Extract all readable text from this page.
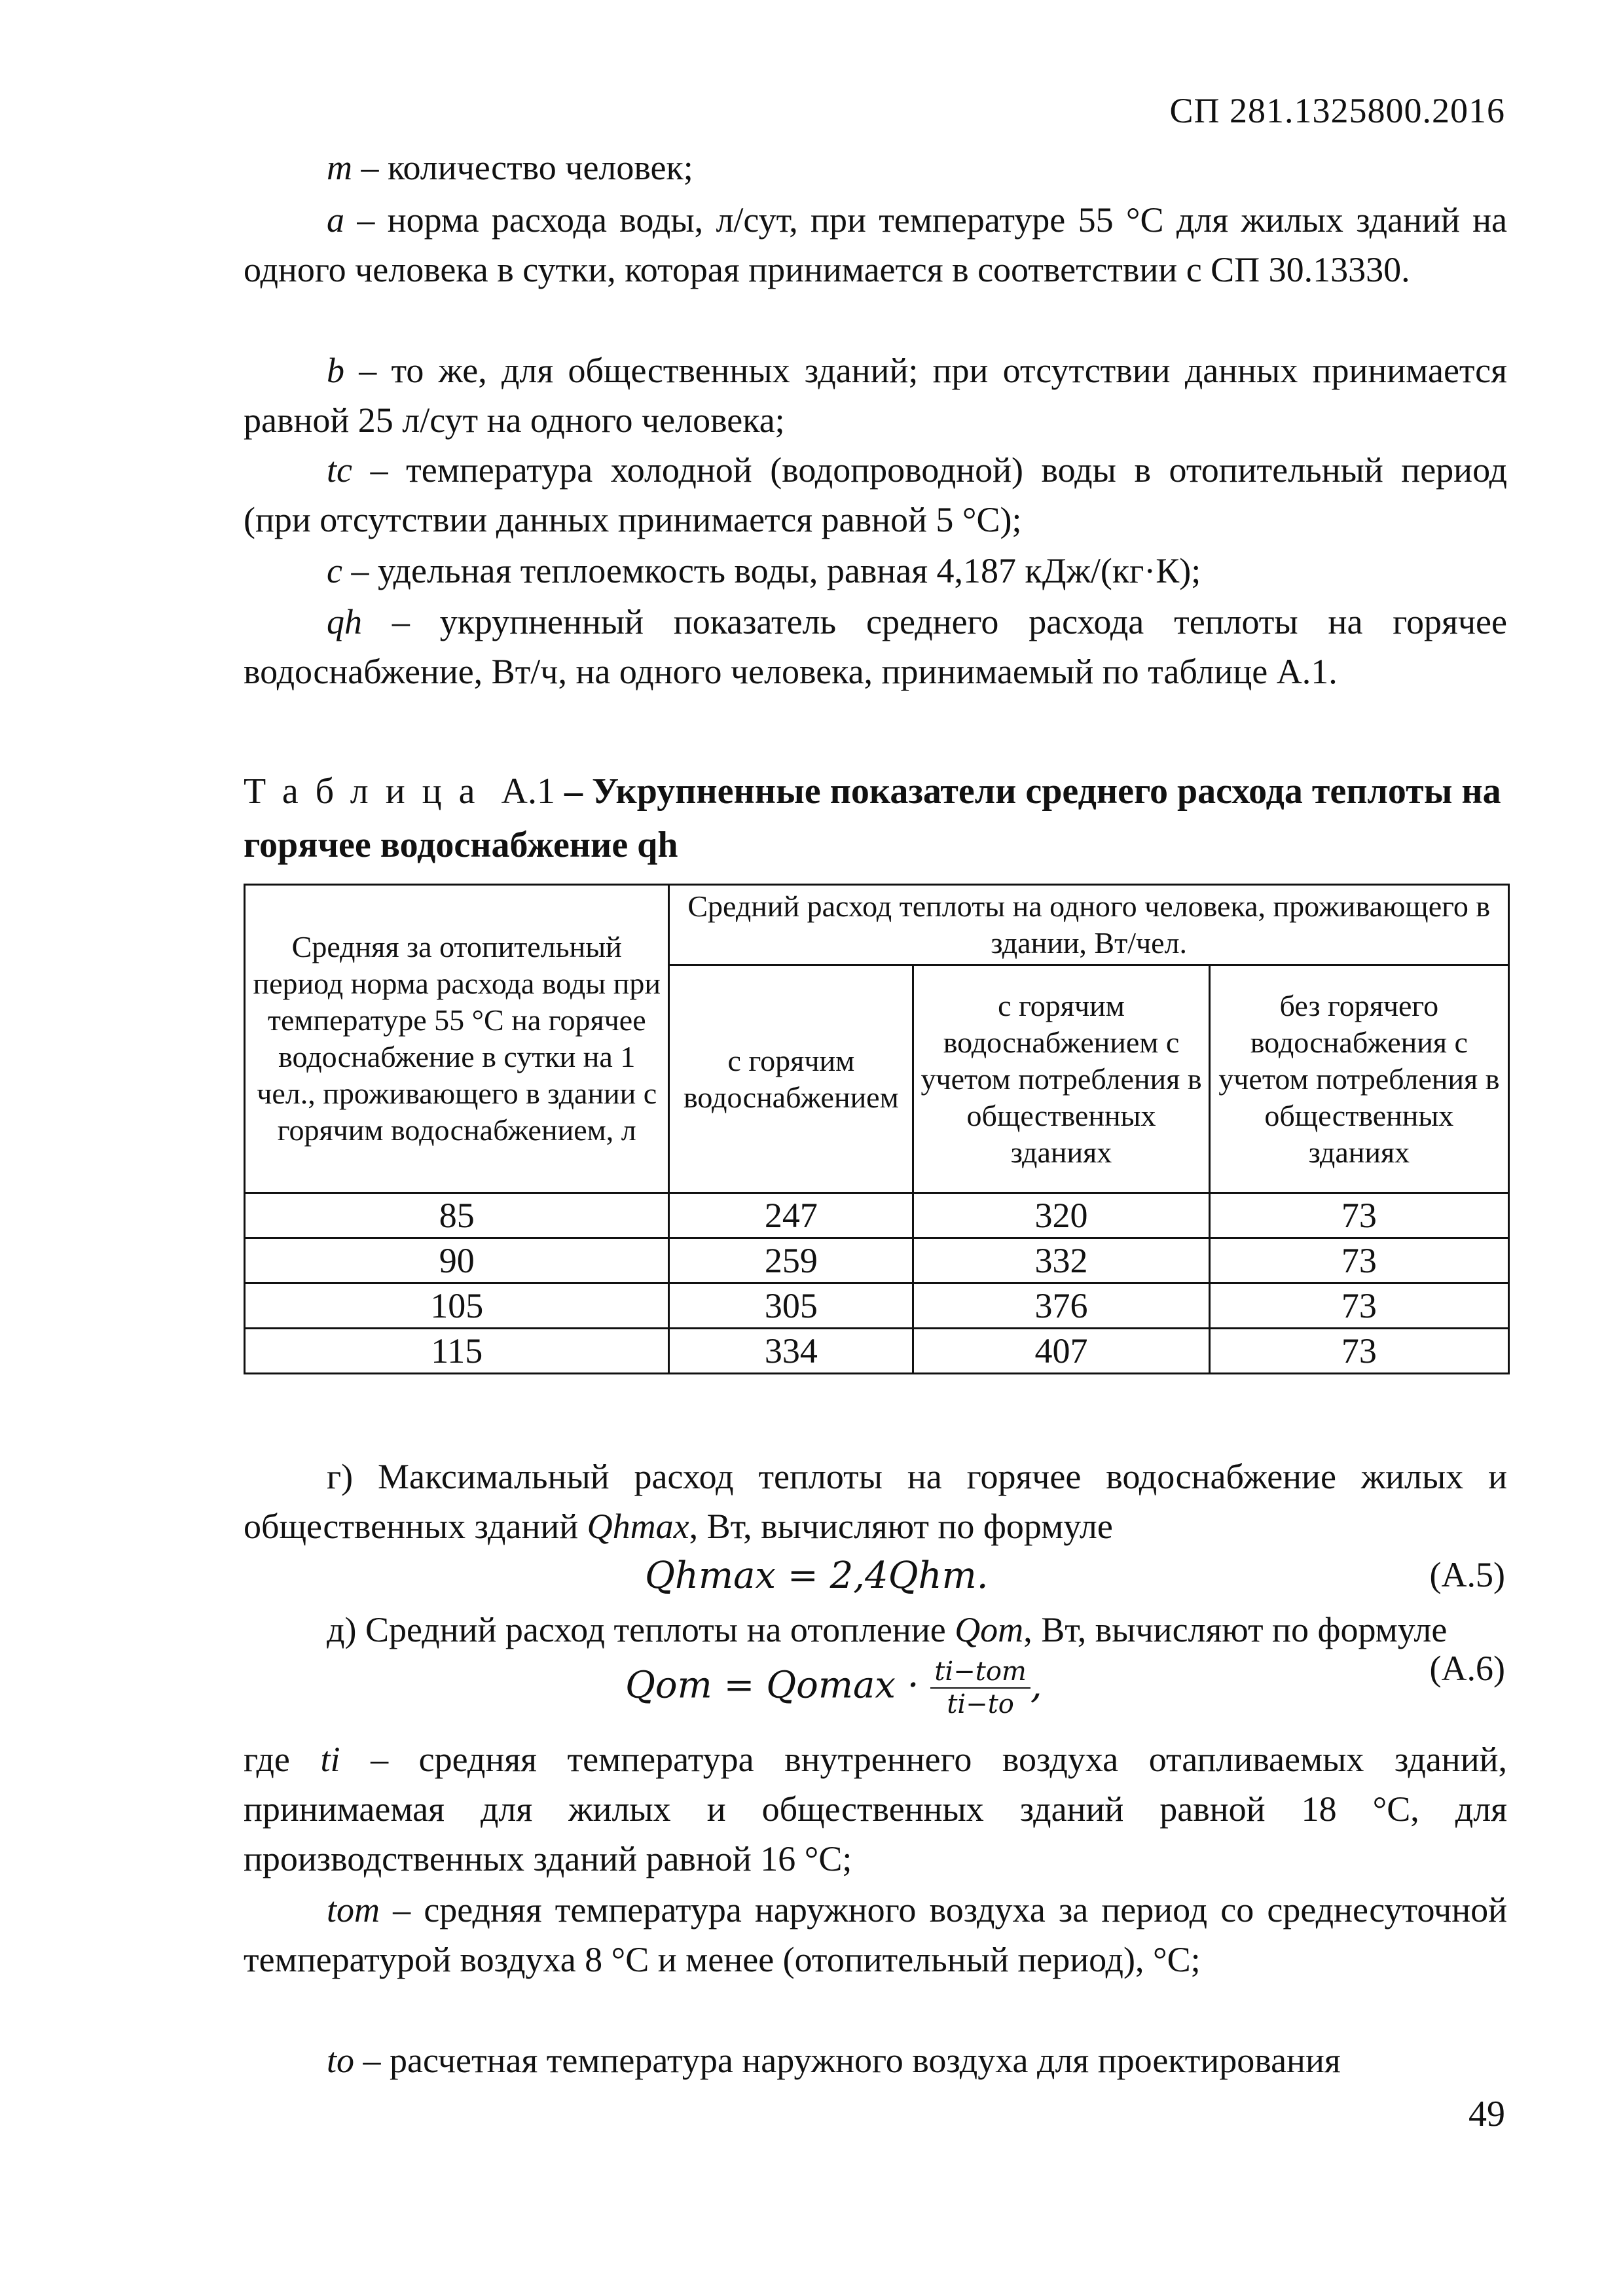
СП 281.1325800.2016
m – количество человек;
a – норма расхода воды, л/сут, при температуре 55 °С для жилых зданий на одного человека в сутки, которая принимается в соответствии с СП 30.13330.
b – то же, для общественных зданий; при отсутствии данных принимается равной 25 л/сут на одного человека;
tc – температура холодной (водопроводной) воды в отопительный период (при отсутствии данных принимается равной 5 °С);
c – удельная теплоемкость воды, равная 4,187 кДж/(кг·К);
qh – укрупненный показатель среднего расхода теплоты на горячее водоснабжение, Вт/ч, на одного человека, принимаемый по таблице А.1.
Таблица А.1 – Укрупненные показатели среднего расхода теплоты на горячее водоснабжение qh
Средняя за отопительный период норма расхода воды при температуре 55 °С на горячее водоснабжение в сутки на 1 чел., проживающего в здании с горячим водоснабжением, л	Средний расход теплоты на одного человека, проживающего в здании, Вт/чел.		
	с горячим водоснабжением	с горячим водоснабжением с учетом потребления в общественных зданиях	без горячего водоснабжения с учетом потребления в общественных зданиях
85	247	320	73
90	259	332	73
105	305	376	73
115	334	407	73
г) Максимальный расход теплоты на горячее водоснабжение жилых и общественных зданий Qhmax, Вт, вычисляют по формуле
Qhmax = 2,4Qhm.	(А.5)
д) Средний расход теплоты на отопление Qот, Вт, вычисляют по формуле
Qот = $Qomax \cdot \frac{\text{ti−tот}}{ti-to}$ ,	(А.6)
где ti – средняя температура внутреннего воздуха отапливаемых зданий, принимаемая для жилых и общественных зданий равной 18 °С, для производственных зданий равной 16 °С;
tот – средняя температура наружного воздуха за период со среднесуточной температурой воздуха 8 °С и менее (отопительный период), °С;
to – расчетная температура наружного воздуха для проектирования
49
